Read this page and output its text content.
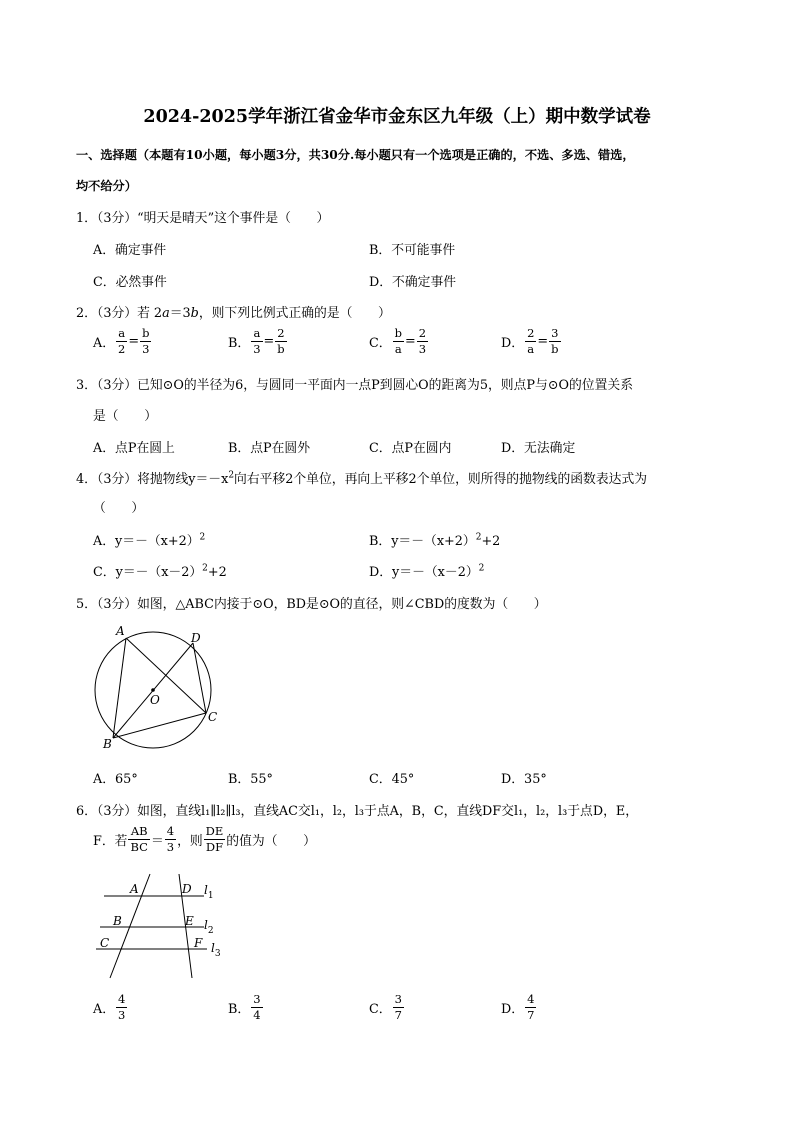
2024-2025学年浙江省金华市金东区九年级（上）期中数学试卷
一、选择题（本题有10小题，每小题3分，共30分.每小题只有一个选项是正确的，不选、多选、错选，
均不给分）
1．（3分）“明天是晴天”这个事件是（　　）
A．确定事件	B．不可能事件
C．必然事件	D．不确定事件
2．（3分）若 2a＝3b，则下列比例式正确的是（　　）
A． $\frac{a}{2} = \frac{b}{3}$	B． $\frac{a}{3} = \frac{2}{b}$	C． $\frac{b}{a} = \frac{2}{3}$	D． $\frac{2}{a} = \frac{3}{b}$
3．（3分）已知⊙O的半径为6，与圆同一平面内一点P到圆心O的距离为5，则点P与⊙O的位置关系
是（　　）
A．点P在圆上	B．点P在圆外	C．点P在圆内	D．无法确定
4．（3分）将抛物线$y=-x^2$向右平移2个单位，再向上平移2个单位，则所得的抛物线的函数表达式为
（　　）
A．$y=-(x+2)^2$	B．$y=-(x+2)^2+2$
C．$y=-(x-2)^2+2$	D．$y=-(x-2)^2$
5．（3分）如图，△ABC内接于⊙O，BD是⊙O的直径，则∠CBD的度数为（　　）
A	D
O
C
B
A．65°	B．55°	C．45°	D．35°
6．（3分）如图，直线l₁∥l₂∥l₃，直线AC交l₁，l₂，l₃于点A，B，C，直线DF交l₁，l₂，l₃于点D，E，
F．若 $\frac{AB}{BC} = \frac{4}{3}$ ，则 $\frac{DE}{DF}$ 的值为（　　）
A	D $l_1$
B	E $l_2$
C	F $l_3$
A． $\frac{4}{3}$	B． $\frac{3}{4}$	C． $\frac{3}{7}$	D． $\frac{4}{7}$
